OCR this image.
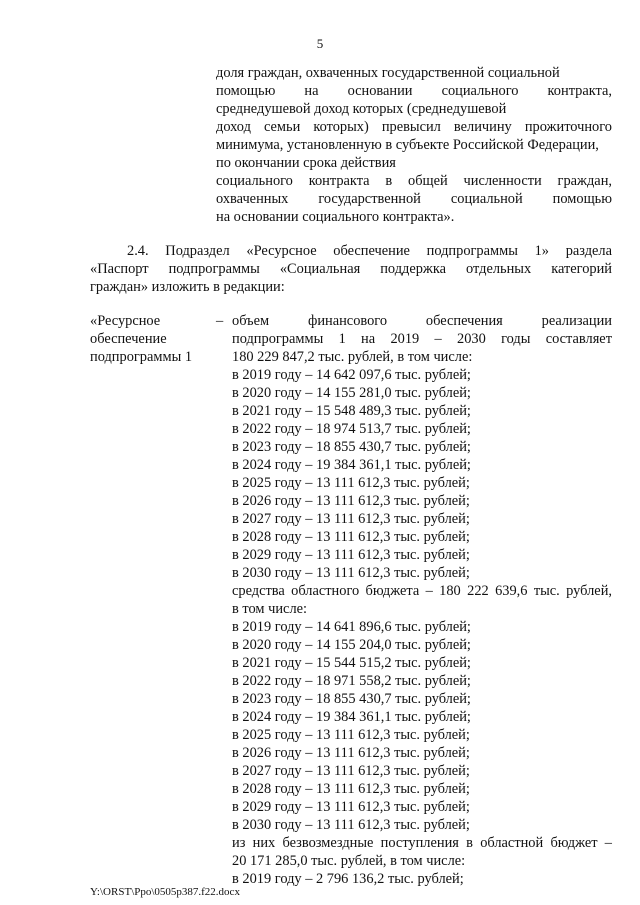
5
доля граждан, охваченных государственной социальной
помощью на основании социального контракта,
среднедушевой доход которых (среднедушевой
доход семьи которых) превысил величину прожиточного
минимума, установленную в субъекте Российской Федерации,
по окончании срока действия
социального контракта в общей численности граждан,
охваченных государственной социальной помощью
на основании социального контракта».
2.4. Подраздел «Ресурсное обеспечение подпрограммы 1» раздела
«Паспорт подпрограммы «Социальная поддержка отдельных категорий
граждан» изложить в редакции:
«Ресурсное
обеспечение
подпрограммы 1
– объем финансового обеспечения реализации
подпрограммы 1 на 2019 – 2030 годы составляет
180 229 847,2 тыс. рублей, в том числе:
в 2019 году – 14 642 097,6 тыс. рублей;
в 2020 году – 14 155 281,0 тыс. рублей;
в 2021 году – 15 548 489,3 тыс. рублей;
в 2022 году – 18 974 513,7 тыс. рублей;
в 2023 году – 18 855 430,7 тыс. рублей;
в 2024 году – 19 384 361,1 тыс. рублей;
в 2025 году – 13 111 612,3 тыс. рублей;
в 2026 году – 13 111 612,3 тыс. рублей;
в 2027 году – 13 111 612,3 тыс. рублей;
в 2028 году – 13 111 612,3 тыс. рублей;
в 2029 году – 13 111 612,3 тыс. рублей;
в 2030 году – 13 111 612,3 тыс. рублей;
средства областного бюджета – 180 222 639,6 тыс. рублей,
в том числе:
в 2019 году – 14 641 896,6 тыс. рублей;
в 2020 году – 14 155 204,0 тыс. рублей;
в 2021 году – 15 544 515,2 тыс. рублей;
в 2022 году – 18 971 558,2 тыс. рублей;
в 2023 году – 18 855 430,7 тыс. рублей;
в 2024 году – 19 384 361,1 тыс. рублей;
в 2025 году – 13 111 612,3 тыс. рублей;
в 2026 году – 13 111 612,3 тыс. рублей;
в 2027 году – 13 111 612,3 тыс. рублей;
в 2028 году – 13 111 612,3 тыс. рублей;
в 2029 году – 13 111 612,3 тыс. рублей;
в 2030 году – 13 111 612,3 тыс. рублей;
из них безвозмездные поступления в областной бюджет –
20 171 285,0 тыс. рублей, в том числе:
в 2019 году – 2 796 136,2 тыс. рублей;
Y:\ORST\Ppo\0505p387.f22.docx
